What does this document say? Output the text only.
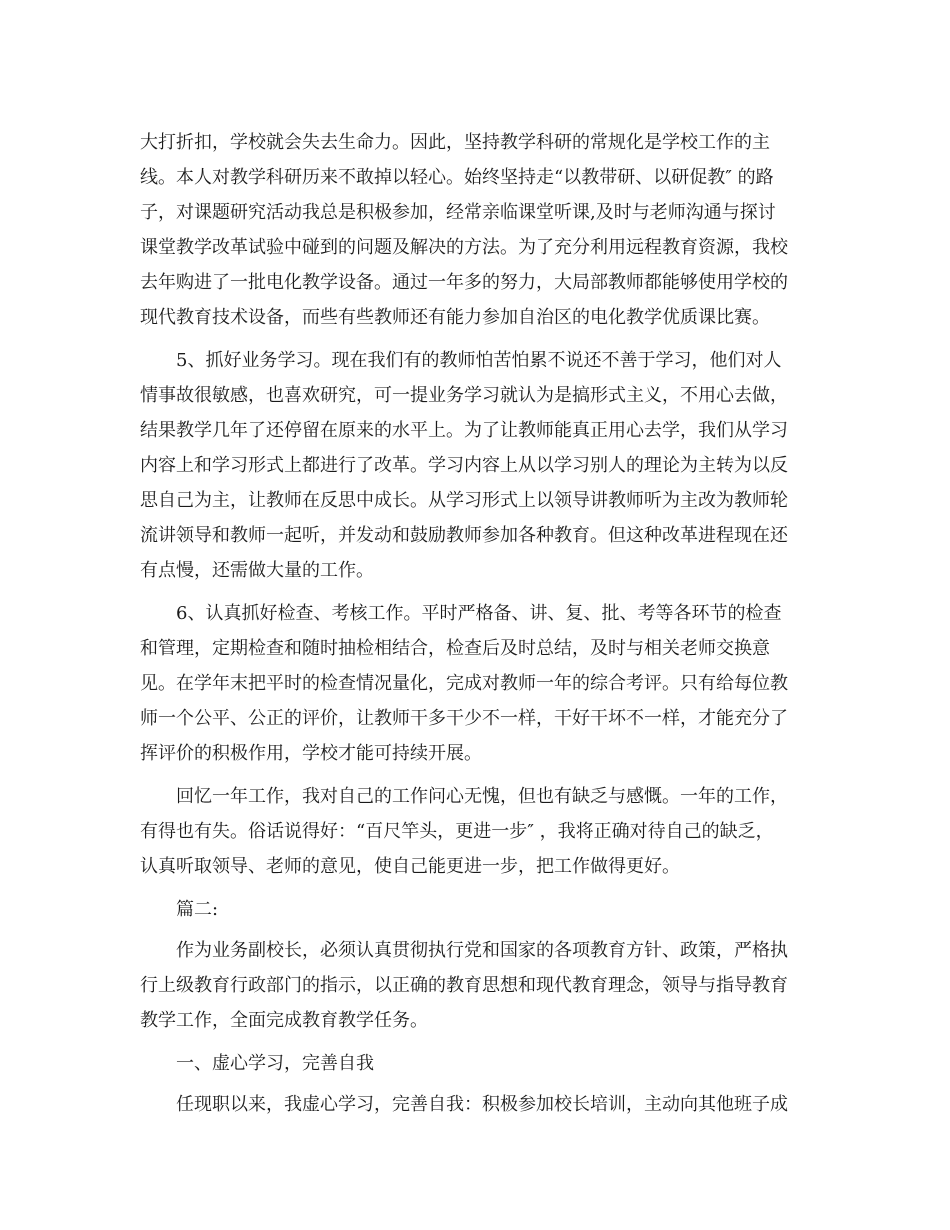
大打折扣，学校就会失去生命力。因此，坚持教学科研的常规化是学校工作的主
线。本人对教学科研历来不敢掉以轻心。始终坚持走“以教带研、以研促教″ 的路
子，对课题研究活动我总是积极参加，经常亲临课堂听课,及时与老师沟通与探讨
课堂教学改革试验中碰到的问题及解决的方法。为了充分利用远程教育资源，我校
去年购进了一批电化教学设备。通过一年多的努力，大局部教师都能够使用学校的
现代教育技术设备，而些有些教师还有能力参加自治区的电化教学优质课比赛。
5、抓好业务学习。现在我们有的教师怕苦怕累不说还不善于学习，他们对人
情事故很敏感，也喜欢研究，可一提业务学习就认为是搞形式主义，不用心去做，
结果教学几年了还停留在原来的水平上。为了让教师能真正用心去学，我们从学习
内容上和学习形式上都进行了改革。学习内容上从以学习别人的理论为主转为以反
思自己为主，让教师在反思中成长。从学习形式上以领导讲教师听为主改为教师轮
流讲领导和教师一起听，并发动和鼓励教师参加各种教育。但这种改革进程现在还
有点慢，还需做大量的工作。
6、认真抓好检查、考核工作。平时严格备、讲、复、批、考等各环节的检查
和管理，定期检查和随时抽检相结合，检查后及时总结，及时与相关老师交换意
见。在学年末把平时的检查情况量化，完成对教师一年的综合考评。只有给每位教
师一个公平、公正的评价，让教师干多干少不一样，干好干坏不一样，才能充分了
挥评价的积极作用，学校才能可持续开展。
回忆一年工作，我对自己的工作问心无愧，但也有缺乏与感慨。一年的工作，
有得也有失。俗话说得好：“百尺竿头，更进一步″ ，我将正确对待自己的缺乏，
认真听取领导、老师的意见，使自己能更进一步，把工作做得更好。
篇二:
作为业务副校长，必须认真贯彻执行党和国家的各项教育方针、政策，严格执
行上级教育行政部门的指示，以正确的教育思想和现代教育理念，领导与指导教育
教学工作，全面完成教育教学任务。
一、虚心学习，完善自我
任现职以来，我虚心学习，完善自我：积极参加校长培训，主动向其他班子成
